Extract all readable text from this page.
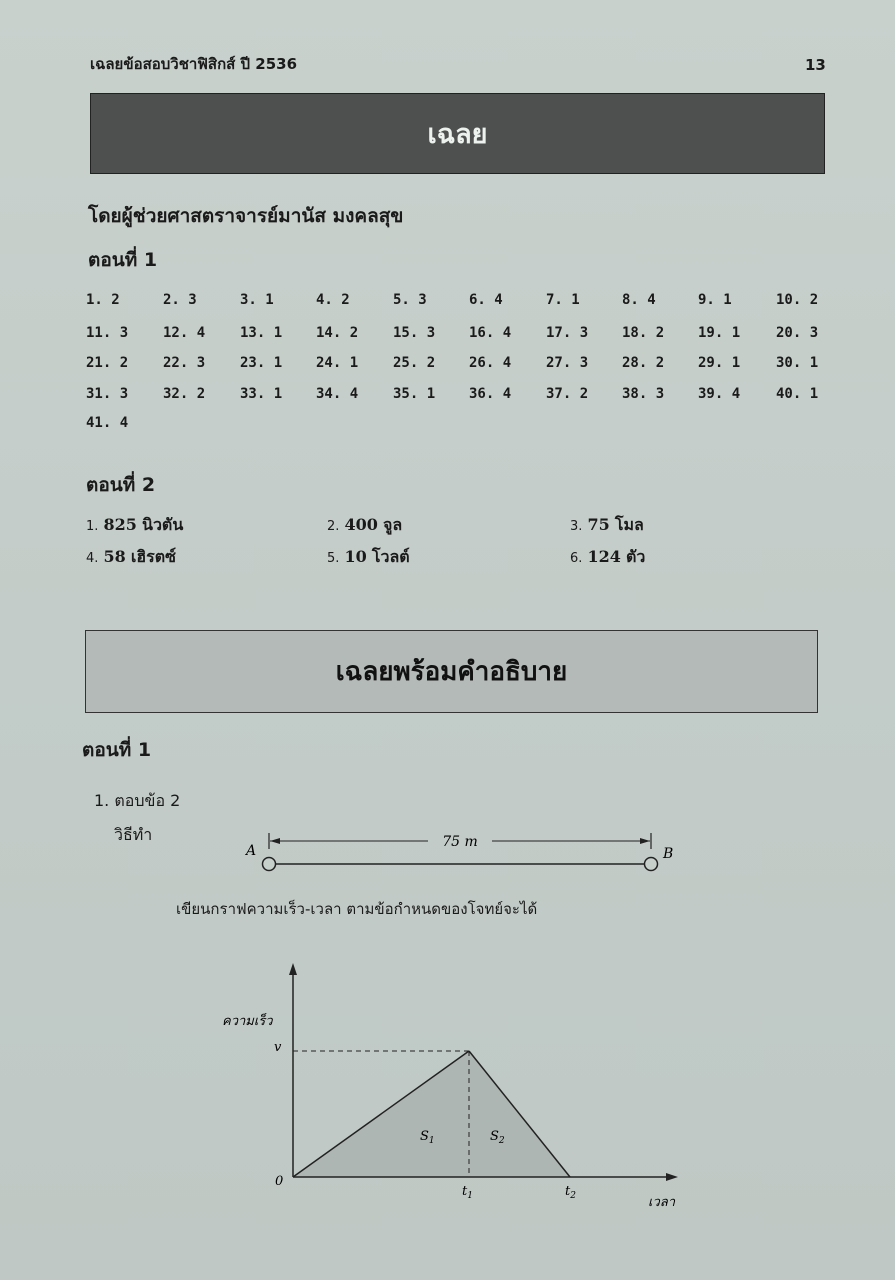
เฉลยข้อสอบวิชาฟิสิกส์ ปี 2536	13
เฉลย
โดยผู้ช่วยศาสตราจารย์มานัส มงคลสุข
ตอนที่ 1
1. 2	2. 3	3. 1	4. 2	5. 3	6. 4	7. 1	8. 4	9. 1	10. 2
11. 3 12. 4 13. 1 14. 2 15. 3 16. 4 17. 3 18. 2 19. 1	20. 3
21. 2 22. 3 23. 1 24. 1 25. 2 26. 4 27. 3 28. 2 29. 1	30. 1
31. 3 32. 2 33. 1 34. 4 35. 1 36. 4 37. 2 38. 3 39. 4	40. 1
41. 4
ตอนที่ 2
1. 825 นิวตัน	2. 400 จูล	3. 75 โมล
4. 58 เฮิรตซ์	5. 10 โวลต์	6. 124 ตัว
เฉลยพร้อมคำอธิบาย
ตอนที่ 1
1. ตอบข้อ 2
วิธีทำ	75 m
A	B
เขียนกราฟความเร็ว-เวลา ตามข้อกำหนดของโจทย์จะได้
ความเร็ว
v
0
$t_1$	$t_2$
$S_1$	$S_2$
เวลา
